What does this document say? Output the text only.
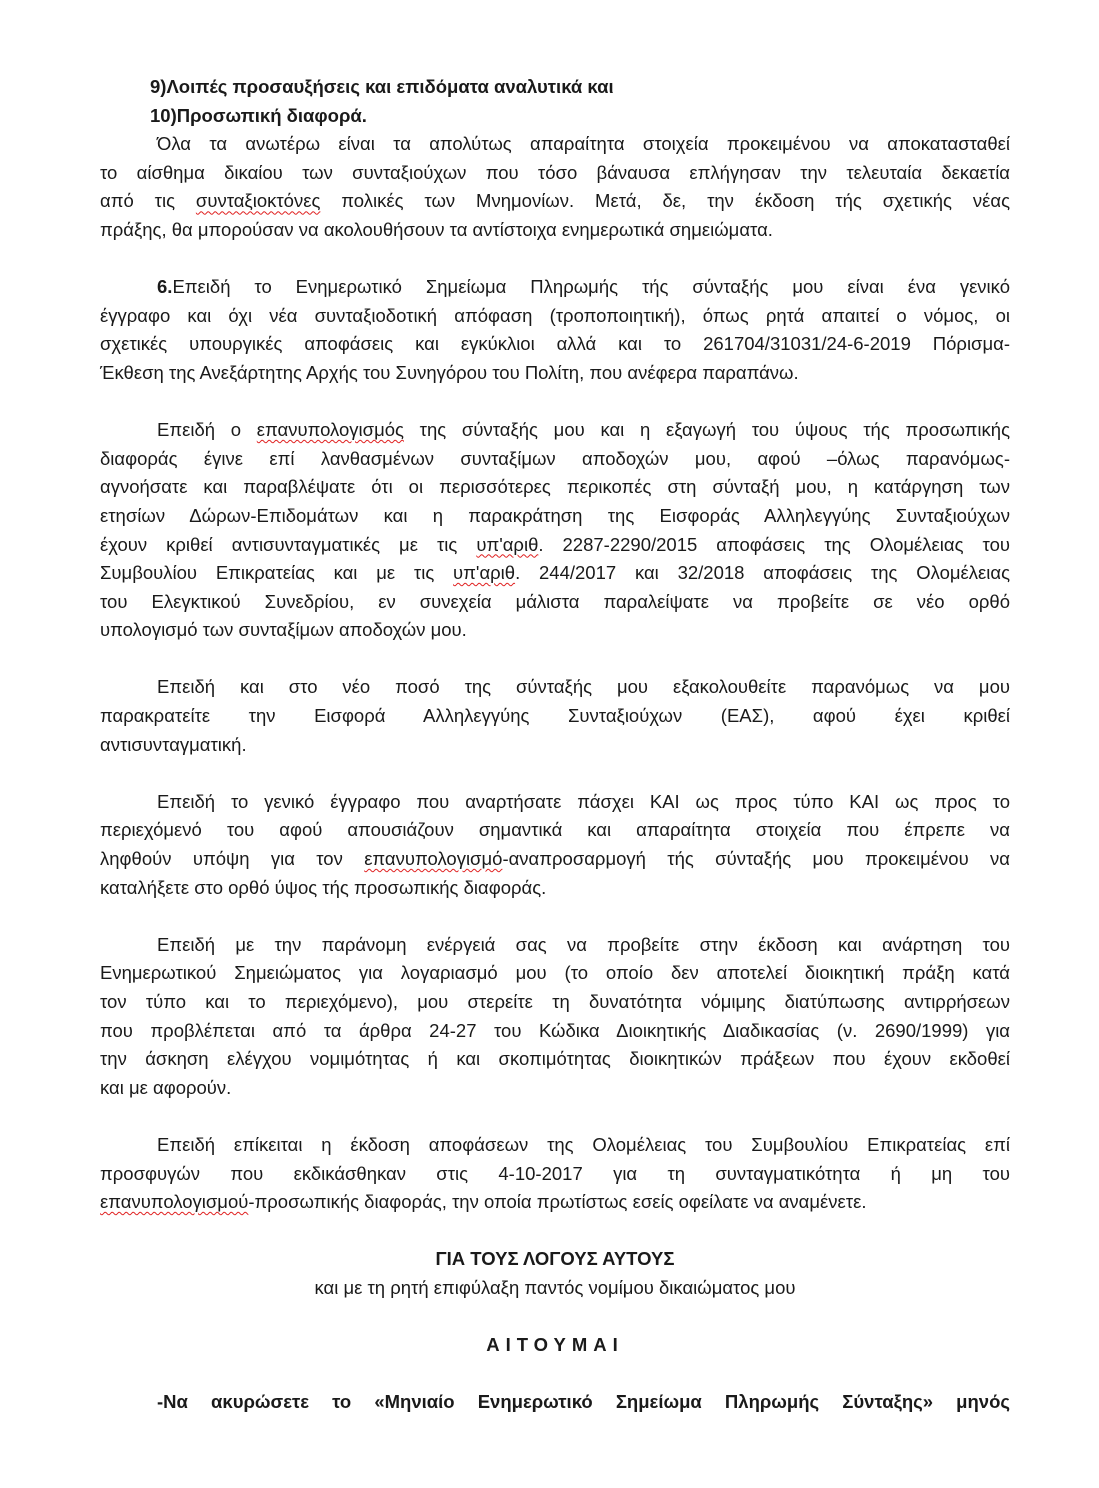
9)Λοιπές προσαυξήσεις και επιδόματα αναλυτικά και
10)Προσωπική διαφορά.
Όλα τα ανωτέρω είναι τα απολύτως απαραίτητα στοιχεία προκειμένου να αποκατασταθεί
το αίσθημα δικαίου των συνταξιούχων που τόσο βάναυσα επλήγησαν την τελευταία δεκαετία
από τις συνταξιοκτόνες πολικές των Μνημονίων. Μετά, δε, την έκδοση τής σχετικής νέας
πράξης, θα μπορούσαν να ακολουθήσουν τα αντίστοιχα ενημερωτικά σημειώματα.
6.Επειδή το Ενημερωτικό Σημείωμα Πληρωμής τής σύνταξής μου είναι ένα γενικό
έγγραφο και όχι νέα συνταξιοδοτική απόφαση (τροποποιητική), όπως ρητά απαιτεί ο νόμος, οι
σχετικές υπουργικές αποφάσεις και εγκύκλιοι αλλά και το 261704/31031/24-6-2019 Πόρισμα-
Έκθεση της Ανεξάρτητης Αρχής του Συνηγόρου του Πολίτη, που ανέφερα παραπάνω.
Επειδή ο επανυπολογισμός της σύνταξής μου και η εξαγωγή του ύψους τής προσωπικής
διαφοράς έγινε επί λανθασμένων συνταξίμων αποδοχών μου, αφού –όλως παρανόμως-
αγνοήσατε και παραβλέψατε ότι οι περισσότερες περικοπές στη σύνταξή μου, η κατάργηση των
ετησίων Δώρων-Επιδομάτων και η παρακράτηση της Εισφοράς Αλληλεγγύης Συνταξιούχων
έχουν κριθεί αντισυνταγματικές με τις υπ'αριθ. 2287-2290/2015 αποφάσεις της Ολομέλειας του
Συμβουλίου Επικρατείας και με τις υπ'αριθ. 244/2017 και 32/2018 αποφάσεις της Ολομέλειας
του Ελεγκτικού Συνεδρίου, εν συνεχεία μάλιστα παραλείψατε να προβείτε σε νέο ορθό
υπολογισμό των συνταξίμων αποδοχών μου.
Επειδή και στο νέο ποσό της σύνταξής μου εξακολουθείτε παρανόμως να μου
παρακρατείτε την Εισφορά Αλληλεγγύης Συνταξιούχων (ΕΑΣ), αφού έχει κριθεί
αντισυνταγματική.
Επειδή το γενικό έγγραφο που αναρτήσατε πάσχει ΚΑΙ ως προς τύπο ΚΑΙ ως προς το
περιεχόμενό του αφού απουσιάζουν σημαντικά και απαραίτητα στοιχεία που έπρεπε να
ληφθούν υπόψη για τον επανυπολογισμό-αναπροσαρμογή τής σύνταξής μου προκειμένου να
καταλήξετε στο ορθό ύψος τής προσωπικής διαφοράς.
Επειδή με την παράνομη ενέργειά σας να προβείτε στην έκδοση και ανάρτηση του
Ενημερωτικού Σημειώματος για λογαριασμό μου (το οποίο δεν αποτελεί διοικητική πράξη κατά
τον τύπο και το περιεχόμενο), μου στερείτε τη δυνατότητα νόμιμης διατύπωσης αντιρρήσεων
που προβλέπεται από τα άρθρα 24-27 του Κώδικα Διοικητικής Διαδικασίας (ν. 2690/1999) για
την άσκηση ελέγχου νομιμότητας ή και σκοπιμότητας διοικητικών πράξεων που έχουν εκδοθεί
και με αφορούν.
Επειδή επίκειται η έκδοση αποφάσεων της Ολομέλειας του Συμβουλίου Επικρατείας επί
προσφυγών που εκδικάσθηκαν στις 4-10-2017 για τη συνταγματικότητα ή μη του
επανυπολογισμού-προσωπικής διαφοράς, την οποία πρωτίστως εσείς οφείλατε να αναμένετε.
ΓΙΑ ΤΟΥΣ ΛΟΓΟΥΣ ΑΥΤΟΥΣ
και με τη ρητή επιφύλαξη παντός νομίμου δικαιώματος μου
ΑΙΤΟΥΜΑΙ
-Να ακυρώσετε το «Μηνιαίο Ενημερωτικό Σημείωμα Πληρωμής Σύνταξης» μηνός
